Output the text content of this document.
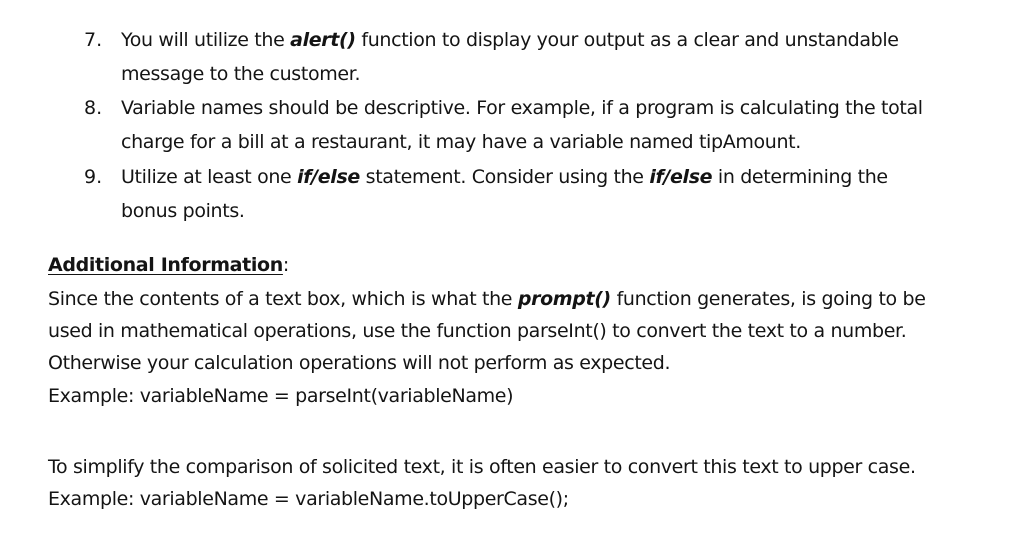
7. You will utilize the alert() function to display your output as a clear and unstandable
message to the customer.
8. Variable names should be descriptive. For example, if a program is calculating the total
charge for a bill at a restaurant, it may have a variable named tipAmount.
9. Utilize at least one if/else statement. Consider using the if/else in determining the
bonus points.
Additional Information:
Since the contents of a text box, which is what the prompt() function generates, is going to be
used in mathematical operations, use the function parseInt() to convert the text to a number.
Otherwise your calculation operations will not perform as expected.
Example: variableName = parseInt(variableName)
To simplify the comparison of solicited text, it is often easier to convert this text to upper case.
Example: variableName = variableName.toUpperCase();
